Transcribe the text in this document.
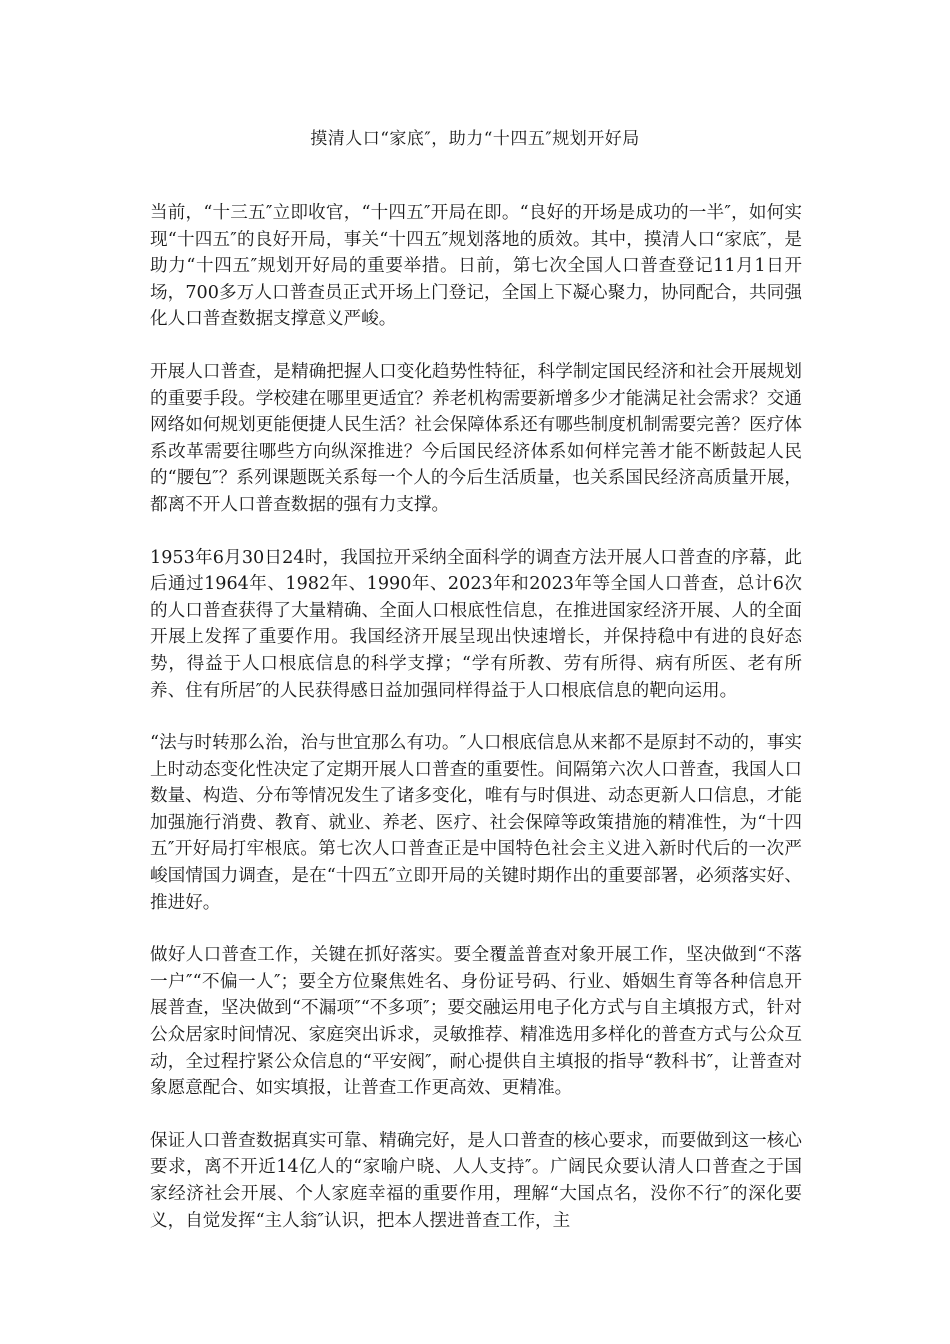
摸清人口“家底″，助力“十四五″规划开好局

当前，“十三五″立即收官，“十四五″开局在即。“良好的开场是成功的一半″，如何实现“十四五″的良好开局，事关“十四五″规划落地的质效。其中，摸清人口“家底″，是助力“十四五″规划开好局的重要举措。日前，第七次全国人口普查登记11月1日开场，700多万人口普查员正式开场上门登记，全国上下凝心聚力，协同配合，共同强化人口普查数据支撑意义严峻。

开展人口普查，是精确把握人口变化趋势性特征，科学制定国民经济和社会开展规划的重要手段。学校建在哪里更适宜？养老机构需要新增多少才能满足社会需求？交通网络如何规划更能便捷人民生活？社会保障体系还有哪些制度机制需要完善？医疗体系改革需要往哪些方向纵深推进？今后国民经济体系如何样完善才能不断鼓起人民的“腰包″？系列课题既关系每一个人的今后生活质量，也关系国民经济高质量开展，都离不开人口普查数据的强有力支撑。

1953年6月30日24时，我国拉开采纳全面科学的调查方法开展人口普查的序幕，此后通过1964年、1982年、1990年、2023年和2023年等全国人口普查，总计6次的人口普查获得了大量精确、全面人口根底性信息，在推进国家经济开展、人的全面开展上发挥了重要作用。我国经济开展呈现出快速增长，并保持稳中有进的良好态势，得益于人口根底信息的科学支撑；“学有所教、劳有所得、病有所医、老有所养、住有所居″的人民获得感日益加强同样得益于人口根底信息的靶向运用。

“法与时转那么治，治与世宜那么有功。″人口根底信息从来都不是原封不动的，事实上时动态变化性决定了定期开展人口普查的重要性。间隔第六次人口普查，我国人口数量、构造、分布等情况发生了诸多变化，唯有与时俱进、动态更新人口信息，才能加强施行消费、教育、就业、养老、医疗、社会保障等政策措施的精准性，为“十四五″开好局打牢根底。第七次人口普查正是中国特色社会主义进入新时代后的一次严峻国情国力调查，是在“十四五″立即开局的关键时期作出的重要部署，必须落实好、推进好。

做好人口普查工作，关键在抓好落实。要全覆盖普查对象开展工作，坚决做到“不落一户″“不偏一人″；要全方位聚焦姓名、身份证号码、行业、婚姻生育等各种信息开展普查，坚决做到“不漏项″“不多项″；要交融运用电子化方式与自主填报方式，针对公众居家时间情况、家庭突出诉求，灵敏推荐、精准选用多样化的普查方式与公众互动，全过程拧紧公众信息的“平安阀″，耐心提供自主填报的指导“教科书″，让普查对象愿意配合、如实填报，让普查工作更高效、更精准。

保证人口普查数据真实可靠、精确完好，是人口普查的核心要求，而要做到这一核心要求，离不开近14亿人的“家喻户晓、人人支持″。广阔民众要认清人口普查之于国家经济社会开展、个人家庭幸福的重要作用，理解“大国点名，没你不行″的深化要义，自觉发挥“主人翁″认识，把本人摆进普查工作，主
